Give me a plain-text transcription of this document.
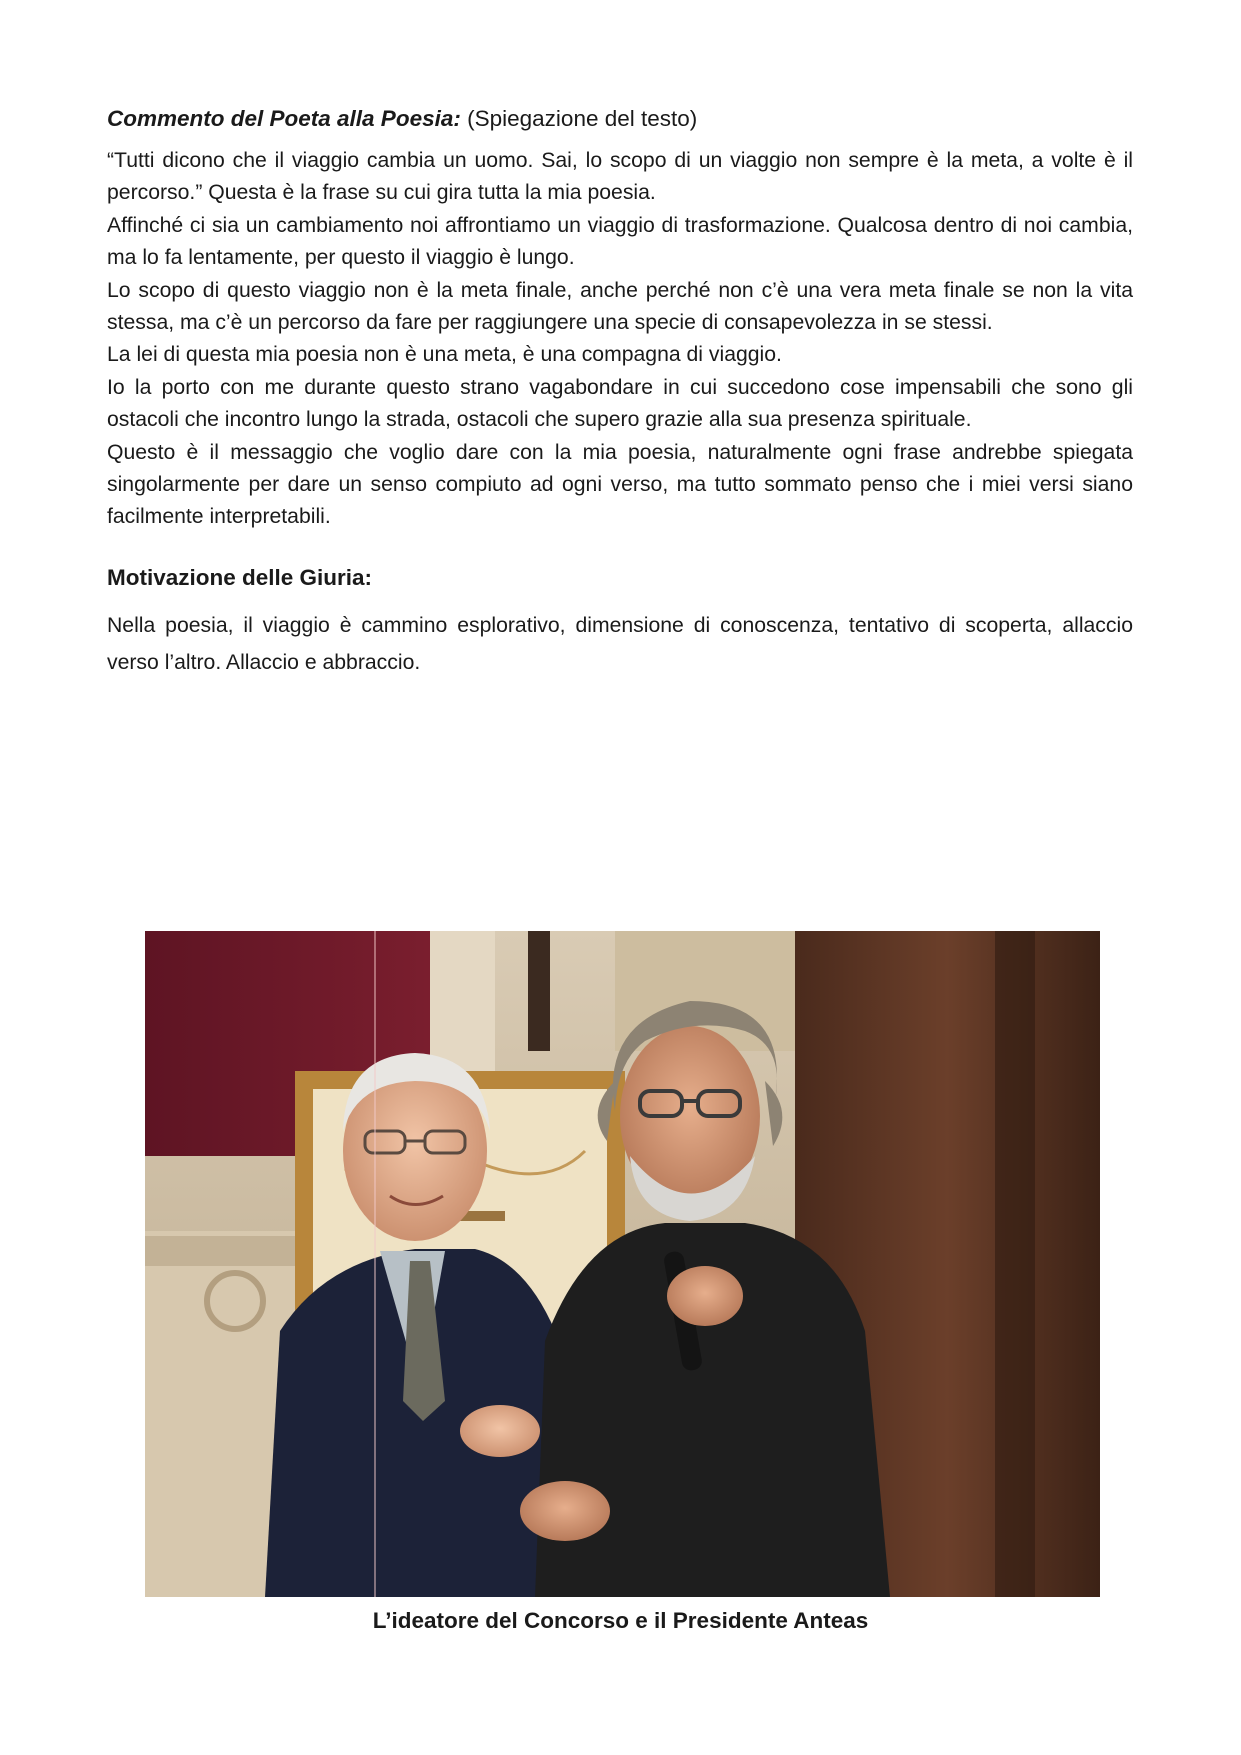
Commento del Poeta alla Poesia: (Spiegazione del testo)

“Tutti dicono che il viaggio cambia un uomo. Sai, lo scopo di un viaggio non sempre è la meta, a volte è il percorso.” Questa è la frase su cui gira tutta la mia poesia.

Affinché ci sia un cambiamento noi affrontiamo un viaggio di trasformazione. Qualcosa dentro di noi cambia, ma lo fa lentamente, per questo il viaggio è lungo.

Lo scopo di questo viaggio non è la meta finale, anche perché non c’è una vera meta finale se non la vita stessa, ma c’è un percorso da fare per raggiungere una specie di consapevolezza in se stessi.

La lei di questa mia poesia non è una meta, è una compagna di viaggio.

Io la porto con me durante questo strano vagabondare in cui succedono cose impensabili che sono gli ostacoli che incontro lungo la strada, ostacoli che supero grazie alla sua presenza spirituale.

Questo è il messaggio che voglio dare con la mia poesia, naturalmente ogni frase andrebbe spiegata singolarmente per dare un senso compiuto ad ogni verso, ma tutto sommato penso che i miei versi siano facilmente interpretabili.

Motivazione delle Giuria:

Nella poesia, il viaggio è cammino esplorativo, dimensione di conoscenza, tentativo di scoperta, allaccio verso l’altro. Allaccio e abbraccio.

L’ideatore del Concorso e il Presidente Anteas
